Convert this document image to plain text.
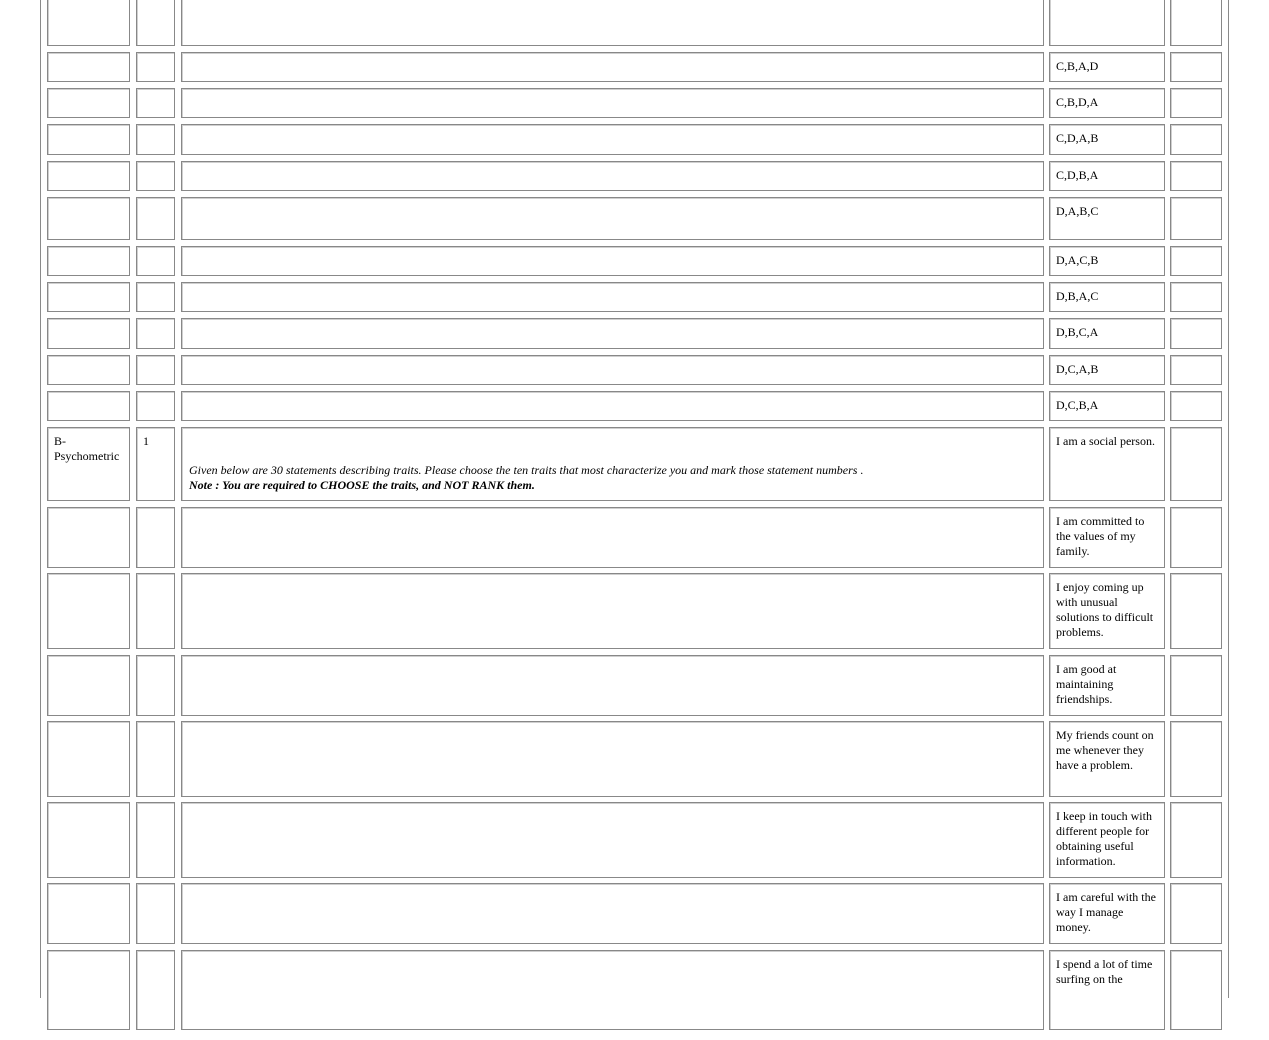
C,B,A,D
C,B,D,A
C,D,A,B
C,D,B,A
D,A,B,C
D,A,C,B
D,B,A,C
D,B,C,A
D,C,A,B
D,C,B,A
B-
Psychometric
1
Given below are 30 statements describing traits. Please choose the ten traits that most characterize you and mark those statement numbers .
Note : You are required to CHOOSE the traits, and NOT RANK them.
I am a social person.
I am committed to the values of my family.
I enjoy coming up with unusual solutions to difficult problems.
I am good at maintaining friendships.
My friends count on me whenever they have a problem.
I keep in touch with different people for obtaining useful information.
I am careful with the way I manage money.
I spend a lot of time surfing on the
